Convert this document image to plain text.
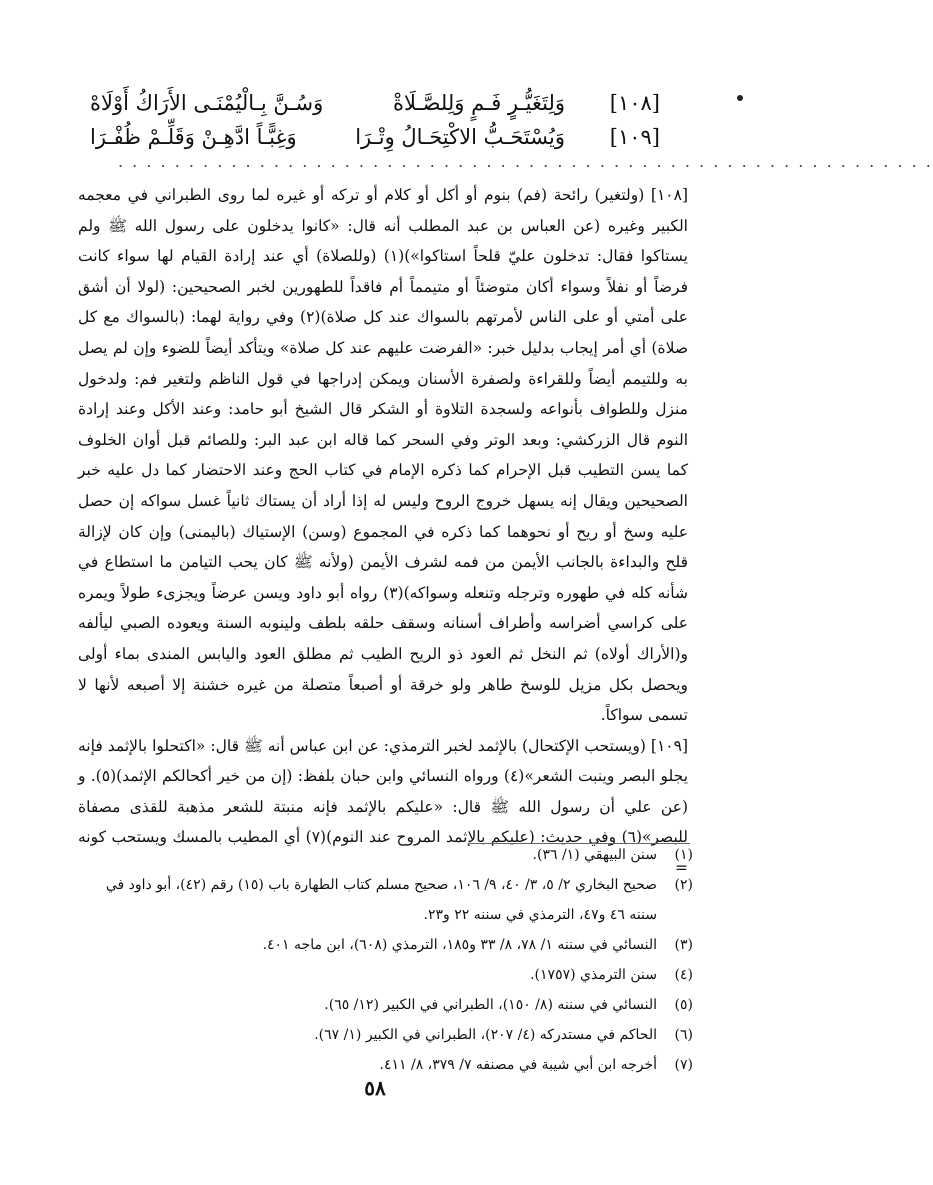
[١٠٨]
وَلِتَغَيُّـرٍ فَـمٍ وَلِلصَّـلَاةْ
وَسُـنَّ بِـالْيُمْنَـى الأَرَاكُ أَوْلَاهْ
[١٠٩]
وَيُسْتَحَـبُّ الاكْتِحَـالُ وِتْـرَا
وَغِبًّـاً ادَّهِـنْ وَقَلِّـمْ ظُفْـرَا
. . . . . . . . . . . . . . . . . . . . . . . . . . . . . . . . . . . . . . . . . . . . . . . . . . . . . . . . . .

[١٠٨] (ولتغير) رائحة (فم) بنوم أو أكل أو كلام أو تركه أو غيره لما روى الطبراني في معجمه الكبير وغيره (عن العباس بن عبد المطلب أنه قال: «كانوا يدخلون على رسول الله ﷺ ولم يستاكوا فقال: تدخلون عليّ قلحاً استاكوا»)(١) (وللصلاة) أي عند إرادة القيام لها سواء كانت فرضاً أو نفلاً وسواء أكان متوضئاً أو متيمماً أم فاقداً للطهورين لخبر الصحيحين: (لولا أن أشق على أمتي أو على الناس لأمرتهم بالسواك عند كل صلاة)(٢) وفي رواية لهما: (بالسواك مع كل صلاة) أي أمر إيجاب بدليل خبر: «الفرضت عليهم عند كل صلاة» ويتأكد أيضاً للضوء وإن لم يصل به وللتيمم أيضاً وللقراءة ولصفرة الأسنان ويمكن إدراجها في قول الناظم ولتغير فم: ولدخول منزل وللطواف بأنواعه ولسجدة التلاوة أو الشكر قال الشيخ أبو حامد: وعند الأكل وعند إرادة النوم قال الزركشي: وبعد الوتر وفي السحر كما قاله ابن عبد البر: وللصائم قبل أوان الخلوف كما يسن التطيب قبل الإحرام كما ذكره الإمام في كتاب الحج وعند الاحتضار كما دل عليه خبر الصحيحين ويقال إنه يسهل خروج الروح وليس له إذا أراد أن يستاك ثانياً غسل سواكه إن حصل عليه وسخ أو ريح أو نحوهما كما ذكره في المجموع (وسن) الإستياك (باليمنى) وإن كان لإزالة قلح والبداءة بالجانب الأيمن من فمه لشرف الأيمن (ولأنه ﷺ كان يحب التيامن ما استطاع في شأنه كله في طهوره وترجله وتنعله وسواكه)(٣) رواه أبو داود ويسن عرضاً ويجزىء طولاً ويمره على كراسي أضراسه وأطراف أسنانه وسقف حلقه بلطف ولينوبه السنة ويعوده الصبي ليألفه و(الأراك أولاه) ثم النخل ثم العود ذو الريح الطيب ثم مطلق العود واليابس المندى بماء أولى ويحصل بكل مزيل للوسخ طاهر ولو خرقة أو أصبعاً متصلة من غيره خشنة إلا أصبعه لأنها لا تسمى سواكاً.

[١٠٩] (ويستحب الإكتحال) بالإثمد لخبر الترمذي: عن ابن عباس أنه ﷺ قال: «اكتحلوا بالإثمد فإنه يجلو البصر وينبت الشعر»(٤) ورواه النسائي وابن حبان بلفظ: (إن من خير أكحالكم الإثمد)(٥). و (عن علي أن رسول الله ﷺ قال: «عليكم بالإثمد فإنه منبتة للشعر مذهبة للقذى مصفاة للبصر»(٦) وفي حديث: (عليكم بالإثمد المروح عند النوم)(٧) أي المطيب بالمسك ويستحب كونه =

(١)
سنن البيهقي (١/ ٣٦).
(٢)
صحيح البخاري ٢/ ٥، ٣/ ٤٠، ٩/ ١٠٦، صحيح مسلم كتاب الطهارة باب (١٥) رقم (٤٢)، أبو داود في سننه ٤٦ و٤٧، الترمذي في سننه ٢٢ و٢٣.
(٣)
النسائي في سننه ١/ ٧٨، ٨/ ٣٣ و١٨٥، الترمذي (٦٠٨)، ابن ماجه ٤٠١.
(٤)
سنن الترمذي (١٧٥٧).
(٥)
النسائي في سننه (٨/ ١٥٠)، الطبراني في الكبير (١٢/ ٦٥).
(٦)
الحاكم في مستدركه (٤/ ٢٠٧)، الطبراني في الكبير (١/ ٦٧).
(٧)
أخرجه ابن أبي شيبة في مصنفه ٧/ ٣٧٩، ٨/ ٤١١.
٥٨
